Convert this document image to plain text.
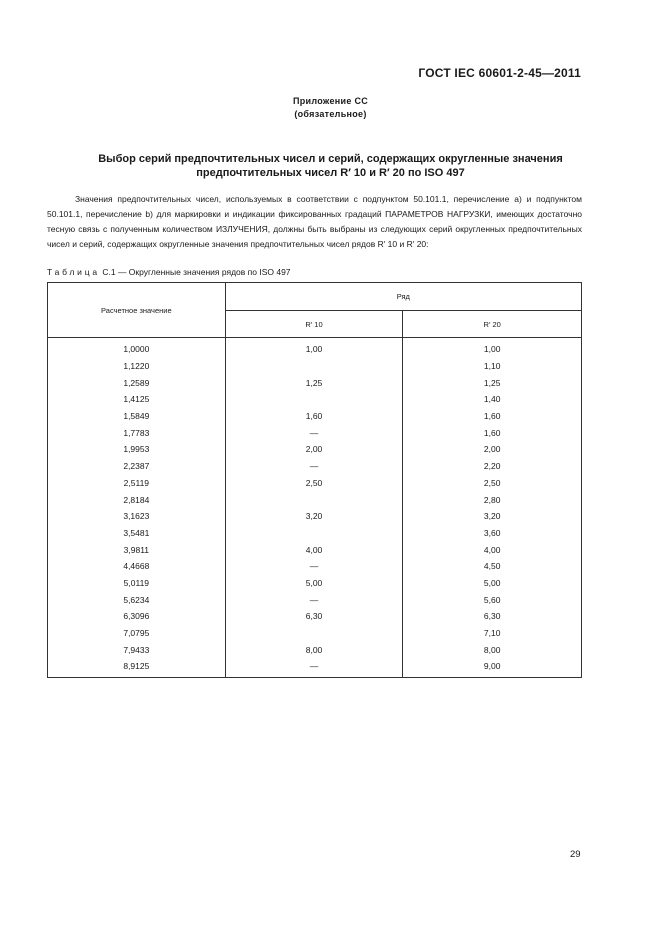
ГОСТ IEC 60601-2-45—2011
Приложение СС
(обязательное)
Выбор серий предпочтительных чисел и серий, содержащих округленные значения
предпочтительных чисел R′ 10 и R′ 20 по ISO 497

Значения предпочтительных чисел, используемых в соответствии с подпунктом 50.101.1, перечисление а) и подпунктом 50.101.1, перечисление b) для маркировки и индикации фиксированных градаций ПАРАМЕТРОВ НАГРУЗКИ, имеющих достаточно тесную связь с полученным количеством ИЗЛУЧЕНИЯ, должны быть выбраны из следующих серий округленных предпочтительных чисел и серий, содержащих округленные значения предпочтительных чисел рядов R′ 10 и R′ 20:

Таблица С.1 — Округленные значения рядов по ISO 497
Расчетное значение	Ряд	
	R′ 10	R′ 20
1,0000	1,00	1,00
1,1220		1,10
1,2589	1,25	1,25
1,4125		1,40
1,5849	1,60	1,60
1,7783	—	1,60
1,9953	2,00	2,00
2,2387	—	2,20
2,5119	2,50	2,50
2,8184		2,80
3,1623	3,20	3,20
3,5481		3,60
3,9811	4,00	4,00
4,4668	—	4,50
5,0119	5,00	5,00
5,6234	—	5,60
6,3096	6,30	6,30
7,0795		7,10
7,9433	8,00	8,00
8,9125	—	9,00
29
